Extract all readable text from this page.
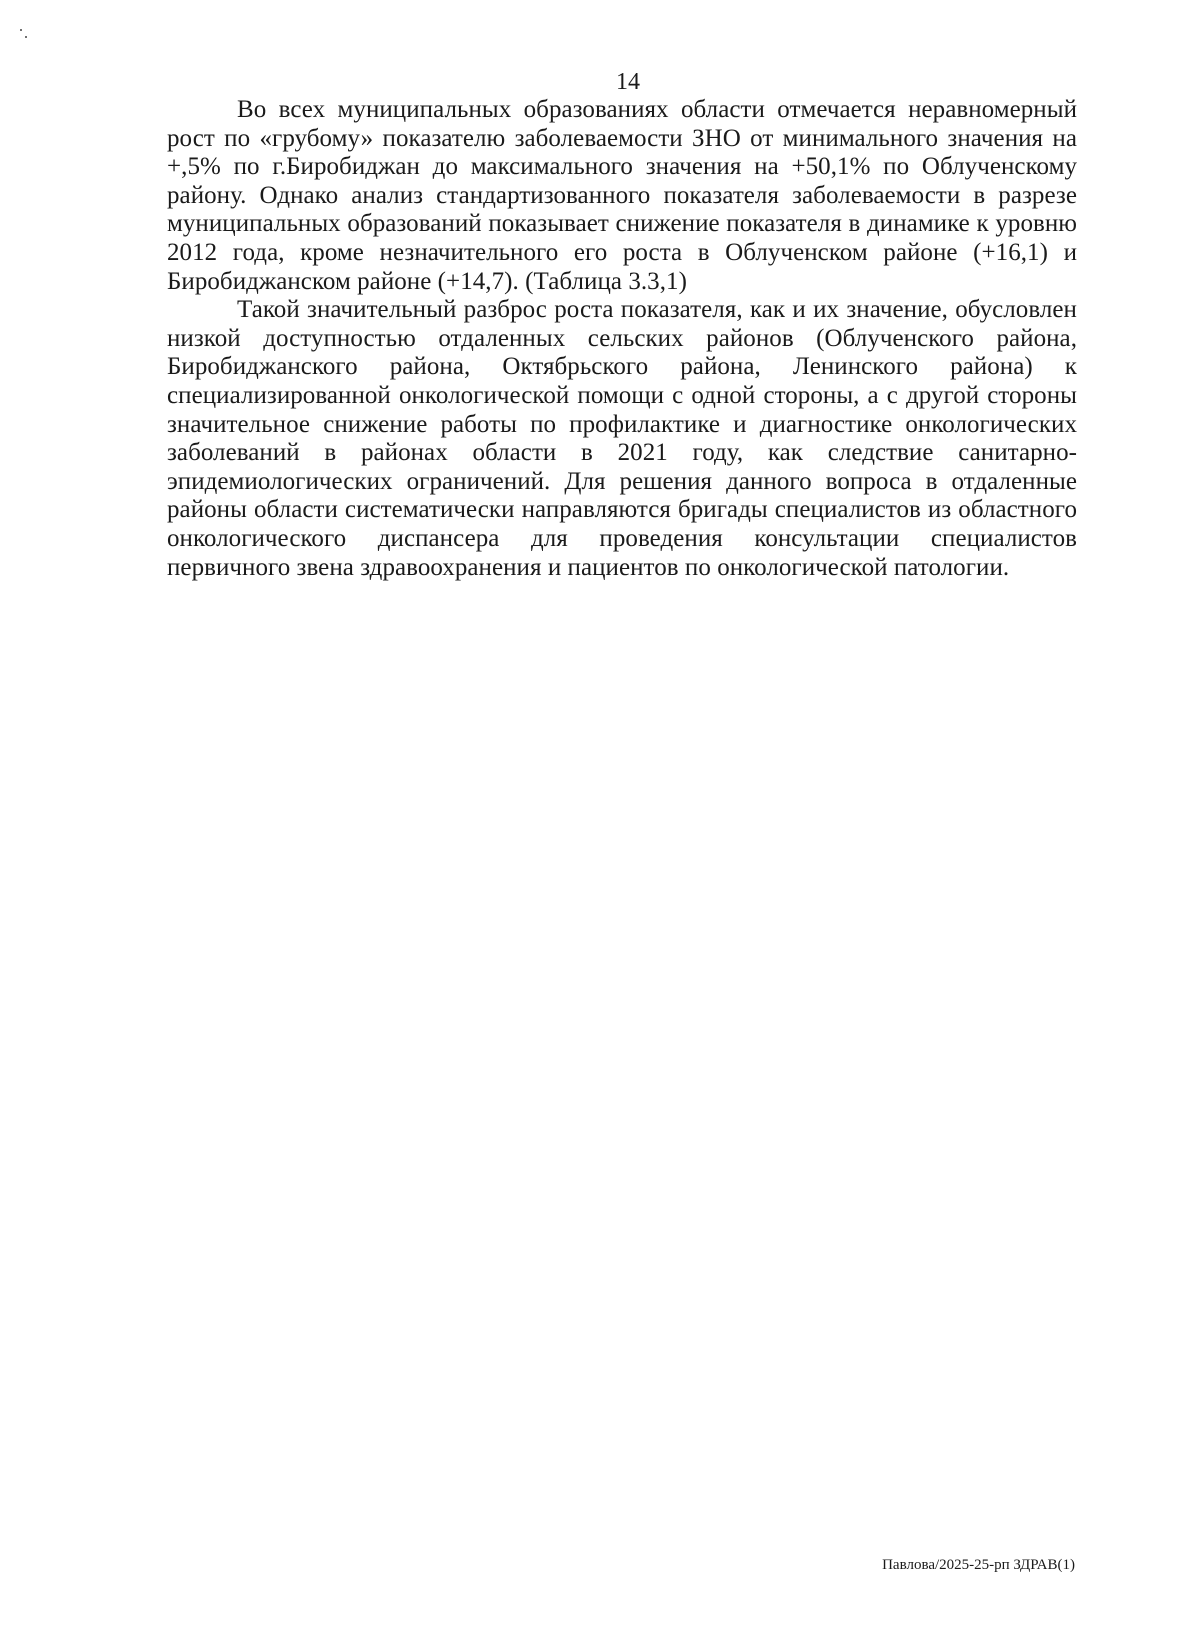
14

Во всех муниципальных образованиях области отмечается неравномерный рост по «грубому» показателю заболеваемости ЗНО от минимального значения на +,5% по г.Биробиджан до максимального значения на +50,1% по Облученскому району. Однако анализ стандартизованного показателя заболеваемости в разрезе муниципальных образований показывает снижение показателя в динамике к уровню 2012 года, кроме незначительного его роста в Облученском районе (+16,1) и Биробиджанском районе (+14,7). (Таблица 3.3,1)

Такой значительный разброс роста показателя, как и их значение, обусловлен низкой доступностью отдаленных сельских районов (Облученского района, Биробиджанского района, Октябрьского района, Ленинского района) к специализированной онкологической помощи с одной стороны, а с другой стороны значительное снижение работы по профилактике и диагностике онкологических заболеваний в районах области в 2021 году, как следствие санитарно-эпидемиологических ограничений. Для решения данного вопроса в отдаленные районы области систематически направляются бригады специалистов из областного онкологического диспансера для проведения консультации специалистов первичного звена здравоохранения и пациентов по онкологической патологии.

Павлова/2025-25-рп ЗДРАВ(1)
